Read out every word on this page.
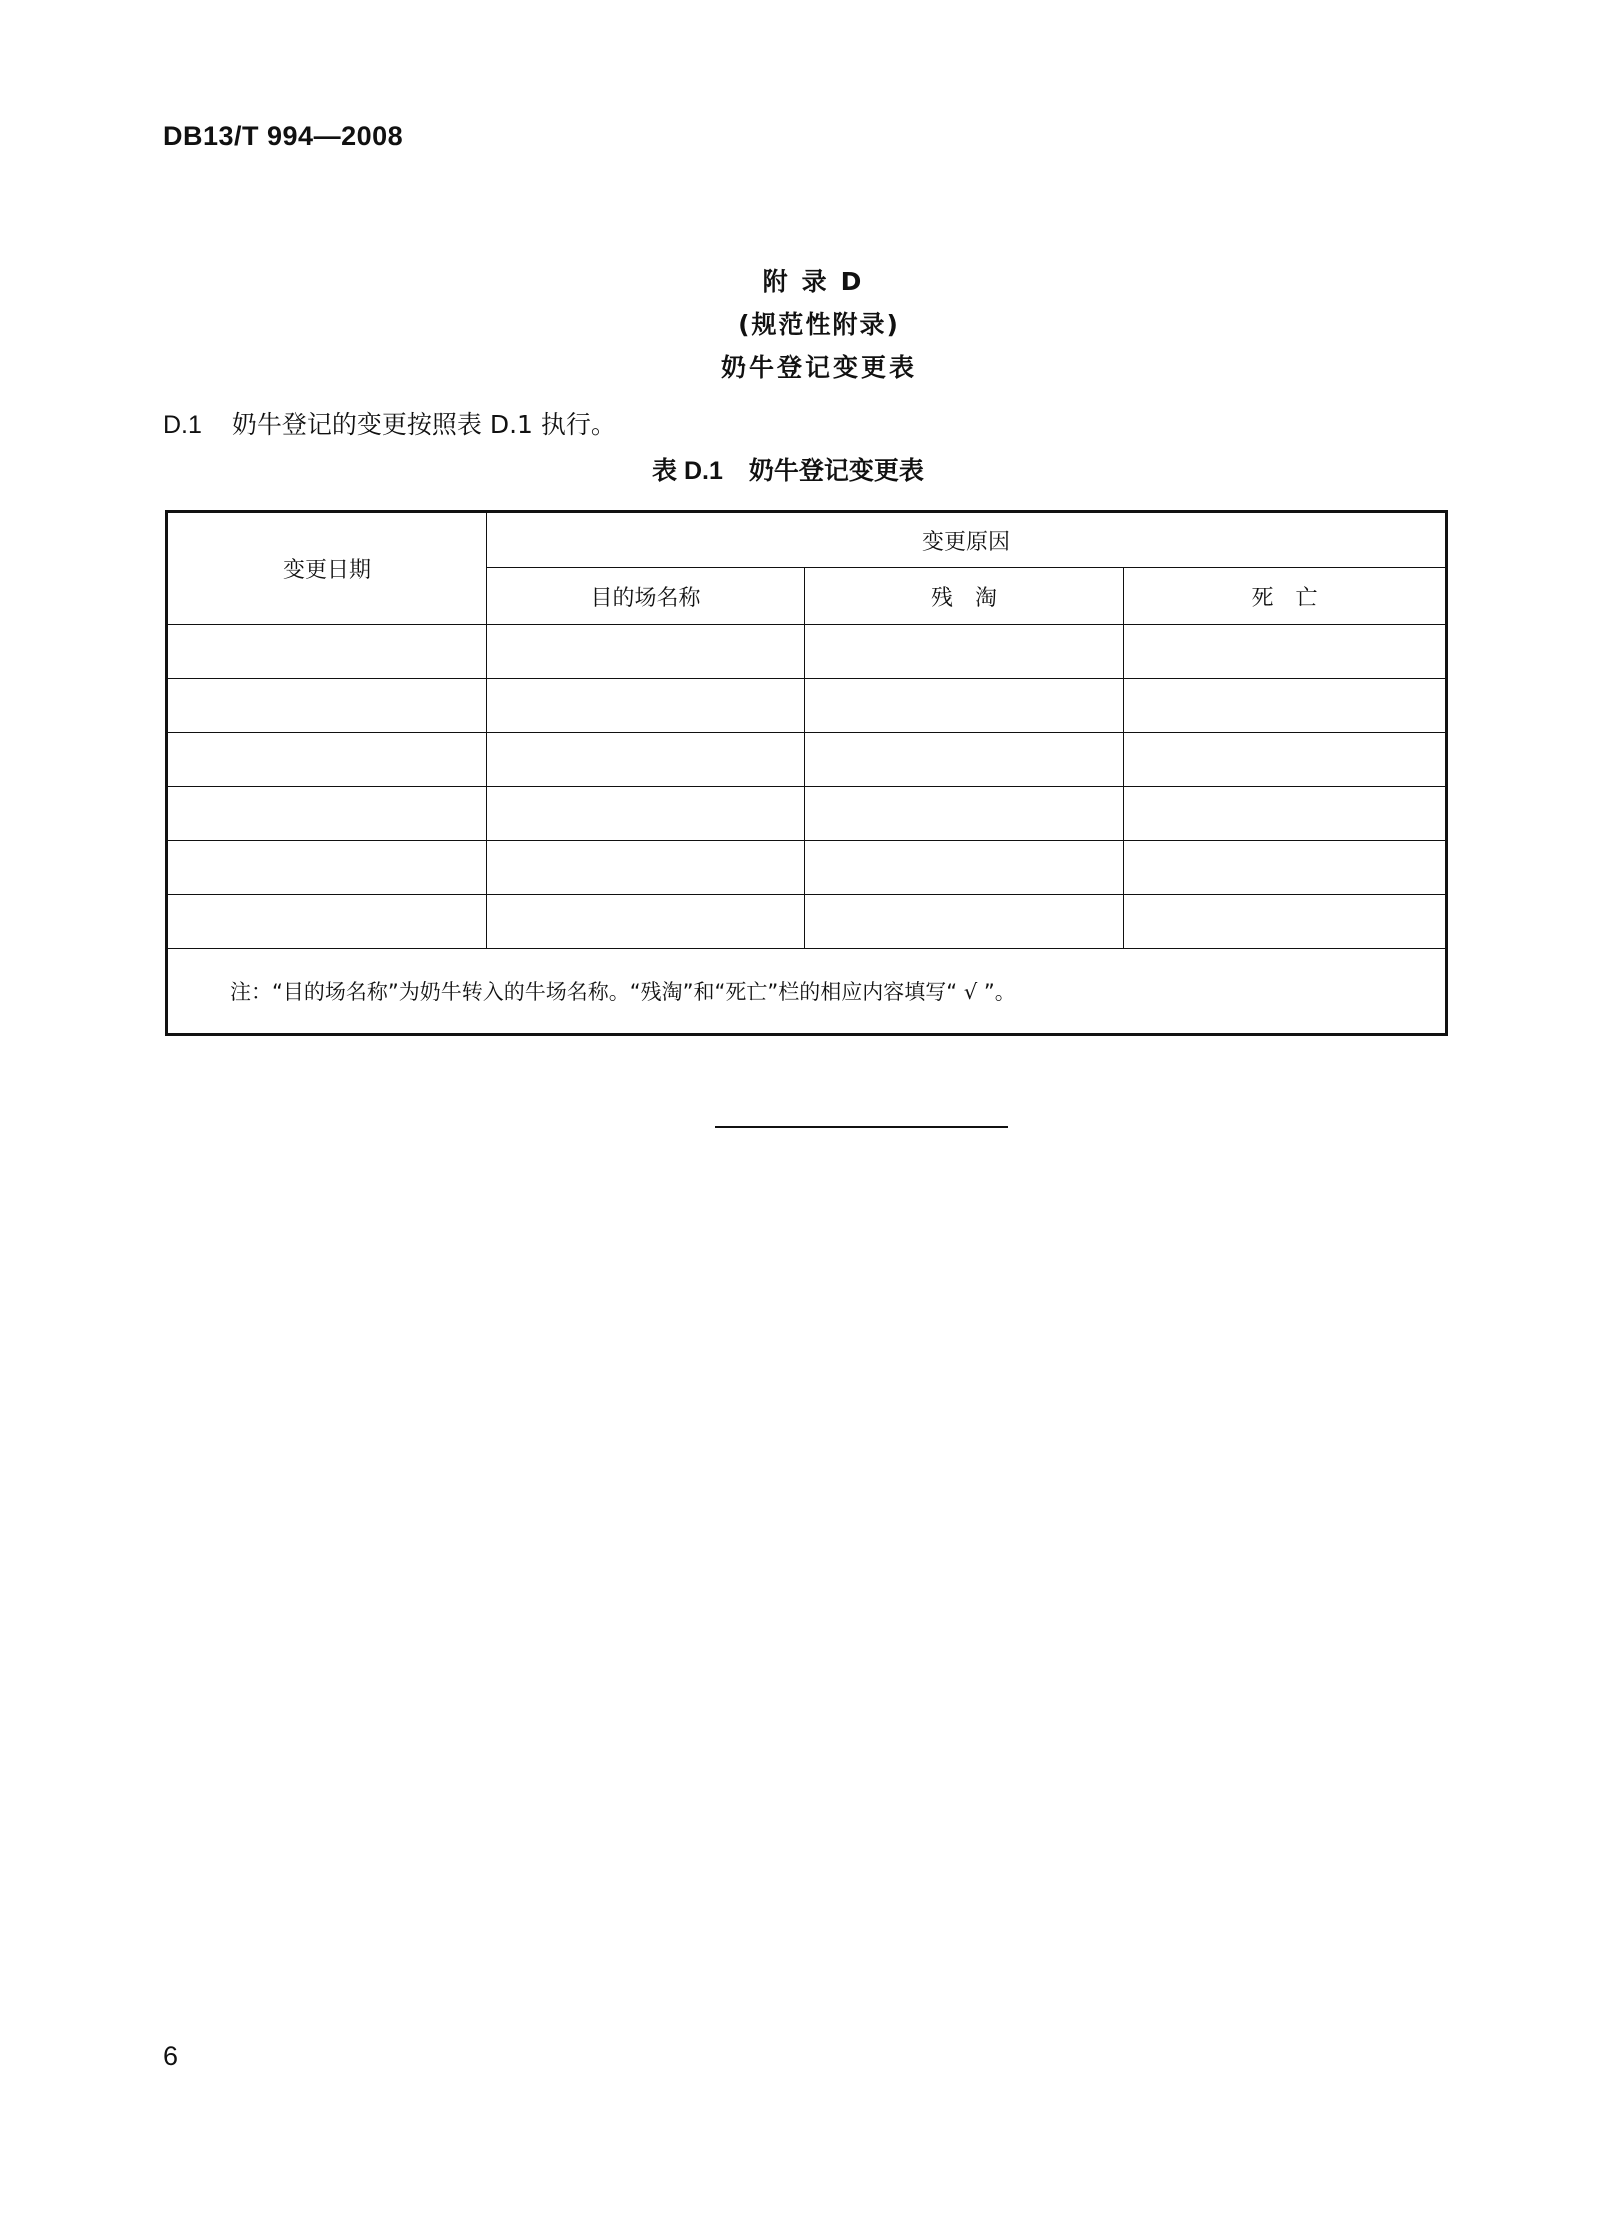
DB13/T 994—2008
附录D
(规范性附录)
奶牛登记变更表
D.1 奶牛登记的变更按照表 D.1 执行。
表 D.1 奶牛登记变更表
变更日期	变更原因		
	目的场名称	残　淘	死　亡

注：“目的场名称”为奶牛转入的牛场名称。“残淘”和“死亡”栏的相应内容填写“ √ ”。			
6
